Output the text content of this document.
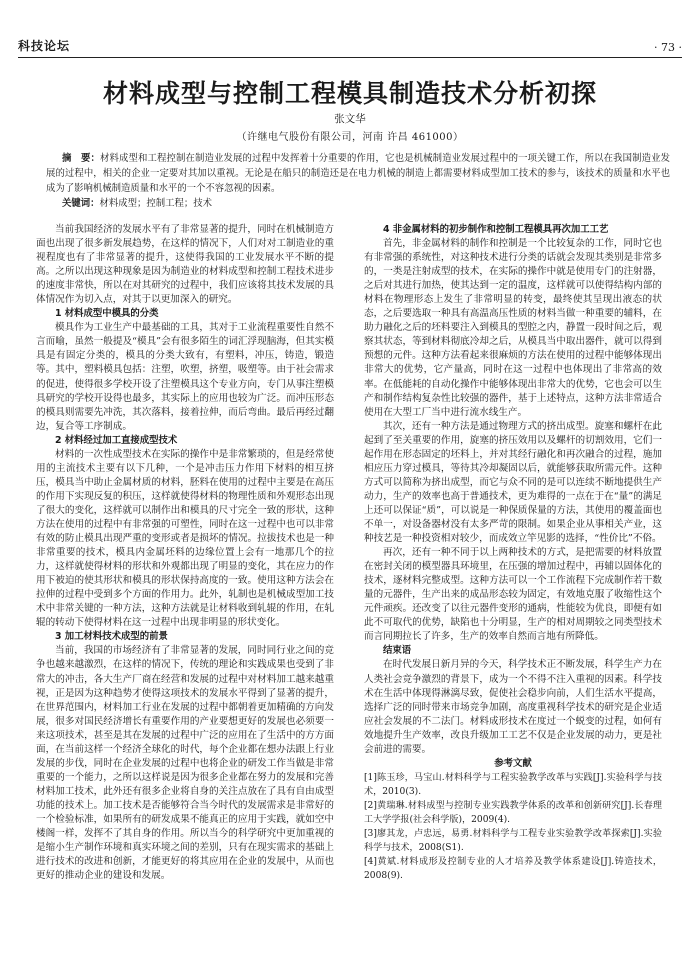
科技论坛	· 73 ·
材料成型与控制工程模具制造技术分析初探
张文华
（许继电气股份有限公司，河南 许昌 461000）
摘　要：材料成型和工程控制在制造业发展的过程中发挥着十分重要的作用，它也是机械制造业发展过程中的一项关键工作，所以在我国制造业发展的过程中，相关的企业一定要对其加以重视。无论是在船只的制造还是在电力机械的制造上都需要材料成型加工技术的参与，该技术的质量和水平也成为了影响机械制造质量和水平的一个不容忽视的因素。
关键词：材料成型；控制工程；技术

当前我国经济的发展水平有了非常显著的提升，同时在机械制造方面也出现了很多新发展趋势，在这样的情况下，人们对对工制造业的重视程度也有了非常显著的提升，这使得我国的工业发展水平不断的提高。之所以出现这种现象是因为制造业的材料成型和控制工程技术进步的速度非常快，所以在对其研究的过程中，我们应该将其技术发展的具体情况作为切入点，对其于以更加深入的研究。

1 材料成型中模具的分类

模具作为工业生产中最基础的工具，其对于工业流程重要性自然不言而喻，虽然一般提及“模具”会有很多陌生的词汇浮现脑海，但其实模具是有固定分类的，模具的分类大致有，有塑料，冲压，铸造，锻造等。其中，塑料模具包括：注塑，吹塑，挤塑，吸塑等。由于社会需求的促进，使得很多学校开设了注塑模具这个专业方向，专门从事注塑模具研究的学校开设得也最多，其实际上的应用也较为广泛。而冲压形态的模具则需要先冲洗，其次落料，接着拉伸，而后弯曲。最后再经过翻边，复合等工序制成。

2 材料经过加工直接成型技术

材料的一次性成型技术在实际的操作中是非常繁琐的，但是经常使用的主流技术主要有以下几种，一个是冲击压力作用下材料的相互挤压，模具当中助止金属材质的材料，胚料在使用的过程中主要是在高压的作用下实现反复的积压，这样就使得材料的物理性质和外观形态出现了很大的变化，这样就可以制作出和模具的尺寸完全一致的形状，这种方法在使用的过程中有非常强的可塑性，同时在这一过程中也可以非常有效的防止模具出现严重的变形或者是损坏的情况。拉拔技术也是一种非常重要的技术，模具内金属坯料的边缘位置上会有一地那几个的拉力，这样就使得材料的形状和外观都出现了明显的变化，其在应力的作用下被迫的使其形状和模具的形状保持高度的一致。使用这种方法会在拉伸的过程中受到多个方面的作用力。此外，轧制也是机械成型加工技术中非常关键的一种方法，这种方法就是让材料收到轧辊的作用，在轧辊的转动下使得材料在这一过程中出现非明显的形状变化。

3 加工材料技术成型的前景

当前，我国的市场经济有了非常显著的发展，同时同行业之间的竞争也越来越激烈，在这样的情况下，传统的理论和实践成果也受到了非常大的冲击，各大生产厂商在经营和发展的过程中对材料加工越来越重视，正是因为这种趋势才使得这项技术的发展水平得到了显著的提升，在世界范围内，材料加工行业在发展的过程中都朝着更加精确的方向发展，很多对国民经济增长有重要作用的产业要想更好的发展也必须要一来这项技术，甚至是其在发展的过程中广泛的应用在了生活中的方方面面，在当前这样一个经济全球化的时代，每个企业都在想办法跟上行业发展的步伐，同时在企业发展的过程中也将企业的研发工作当做是非常重要的一个能力，之所以这样说是因为很多企业都在努力的发展和完善材料加工技术，此外还有很多企业将自身的关注点放在了具有自由成型功能的技术上。加工技术是否能够符合当今时代的发展需求是非常好的一个检验标准，如果所有的研发成果不能真正的应用于实践，就如空中楼阁一样，发挥不了其自身的作用。所以当今的科学研究中更加重视的是缩小生产制作环境和真实环境之间的差别，只有在现实需求的基础上进行技术的改进和创新，才能更好的将其应用在企业的发展中，从而也更好的推动企业的建设和发展。

4 非金属材料的初步制作和控制工程模具再次加工工艺

首先，非金属材料的制作和控制是一个比较复杂的工作，同时它也有非常强的系统性，对这种技术进行分类的话就会发现其类别是非常多的，一类是注射成型的技术，在实际的操作中就是使用专门的注射器，之后对其进行加热，使其达到一定的温度，这样就可以使得结构内部的材料在物理形态上发生了非常明显的转变，最终使其呈现出液态的状态，之后要选取一种具有高温高压性质的材料当做一种重要的辅料，在助力融化之后的坯料要注入到模具的型腔之内，静置一段时间之后，观察其状态，等到材料彻底冷却之后，从模具当中取出器件，就可以得到预想的元件。这种方法看起来很麻烦的方法在使用的过程中能够体现出非常大的优势，它产量高，同时在这一过程中也体现出了非常高的效率。在低能耗的自动化操作中能够体现出非常大的优势，它也会可以生产和制作结构复杂性比较强的器件，基于上述特点，这种方法非常适合使用在大型工厂当中进行流水线生产。

其次，还有一种方法是通过物理方式的挤出成型。旋塞和螺杆在此起到了至关重要的作用，旋塞的挤压效用以及螺杆的切割效用，它们一起作用在形态固定的坯料上，并对其经行融化和再次融合的过程，施加相应压力穿过模具，等待其冷却凝固以后，就能够获取所需元件。这种方式可以简称为挤出成型，而它与众不同的是可以连续不断地提供生产动力，生产的效率也高于普通技术，更为难得的一点在于在“量”的满足上还可以保证“质”，可以说是一种保质保量的方法，其使用的覆盖面也不单一，对设备器材没有太多严苛的限制。如果企业从事相关产业，这种技艺是一种投资相对较少，而成效立竿见影的选择，“性价比”不俗。

再次，还有一种不同于以上两种技术的方式，是把需要的材料放置在密封关闭的模型器具环境里，在压强的增加过程中，再辅以固体化的技术，逐材料完整成型。这种方法可以一个工作流程下完成制作若干数量的元器件，生产出来的成品形态较为固定，有效地克服了收缩性这个元件顽疾。还改变了以往元器件变形的通病，性能较为优良，即便有如此不可取代的优势，缺陷也十分明显，生产的相对周期较之同类型技术而言同期拉长了许多，生产的效率自然而言地有所降低。

结束语

在时代发展日新月异的今天，科学技术正不断发展，科学生产力在人类社会竞争激烈的背景下，成为一个不得不注入重视的因素。科学技术在生活中体现得淋漓尽致，促使社会稳步向前，人们生活水平提高，选择广泛的同时带来市场竞争加剧，高度重视科学技术的研究是企业适应社会发展的不二法门。材料成形技术在度过一个蜕变的过程，如何有效地提升生产效率，改良升级加工工艺不仅是企业发展的动力，更是社会前进的需要。

参考文献
[1]陈玉珍，马宝山.材料科学与工程实验教学改革与实践[J].实验科学与技术，2010(3).
[2]黄瑞琳.材料成型与控制专业实践教学体系的改革和创新研究[J].长春理工大学学报(社会科学版)，2009(4).
[3]廖其龙，卢忠远，易勇.材料科学与工程专业实验教学改革探索[J].实验科学与技术，2008(S1).
[4]黄斌.材料成形及控制专业的人才培养及教学体系建设[J].铸造技术，2008(9).
